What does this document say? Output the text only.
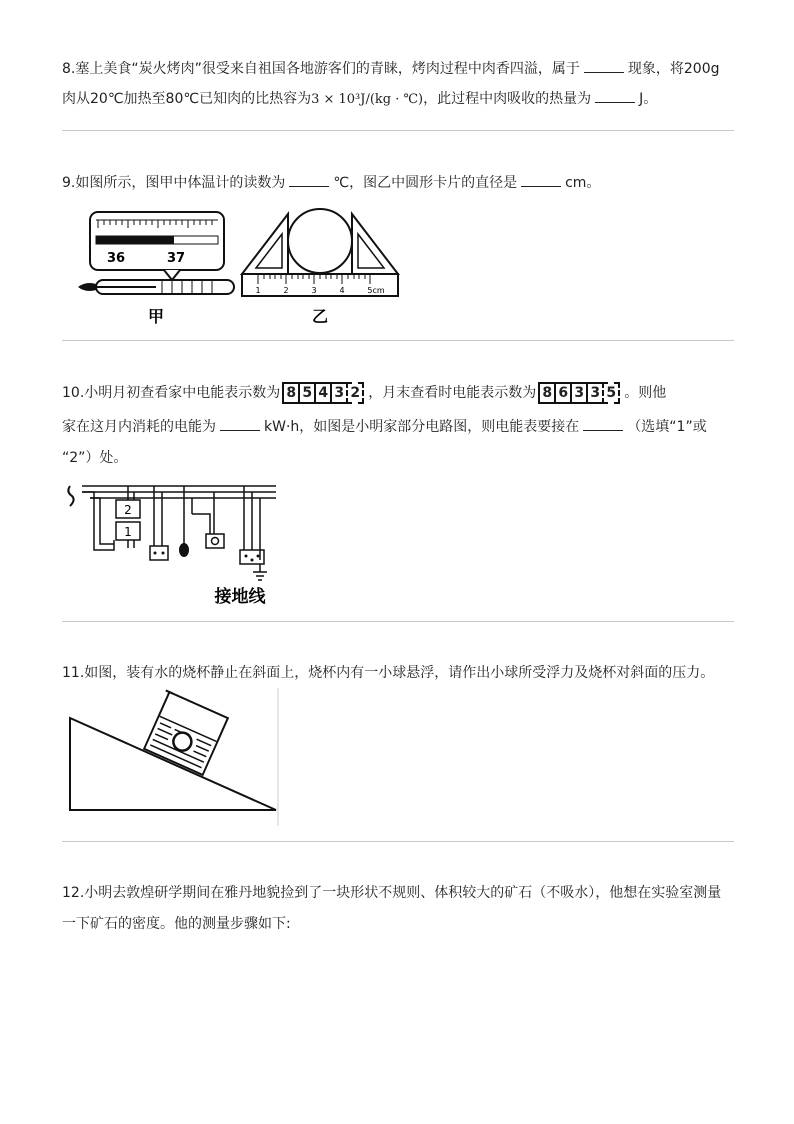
8.塞上美食“炭火烤肉”很受来自祖国各地游客们的青睐，烤肉过程中肉香四溢，属于	现象，将200g
肉从20℃加热至80℃已知肉的比热容为3 × 10³J/(kg · ℃)，此过程中肉吸收的热量为	J。
9.如图所示，图甲中体温计的读数为	℃，图乙中圆形卡片的直径是	cm。
36	37
甲
1	2	3	4	5cm
乙
10.小明月初查看家中电能表示数为 8 5 4 3 2 ，月末查看时电能表示数为 8 6 3 3 5 。则他
家在这月内消耗的电能为	kW·h，如图是小明家部分电路图，则电能表要接在	（选填“1”或
“2”）处。
2
1
接地线
11.如图，装有水的烧杯静止在斜面上，烧杯内有一小球悬浮，请作出小球所受浮力及烧杯对斜面的压力。
12.小明去敦煌研学期间在雅丹地貌捡到了一块形状不规则、体积较大的矿石（不吸水），他想在实验室测量
一下矿石的密度。他的测量步骤如下:
